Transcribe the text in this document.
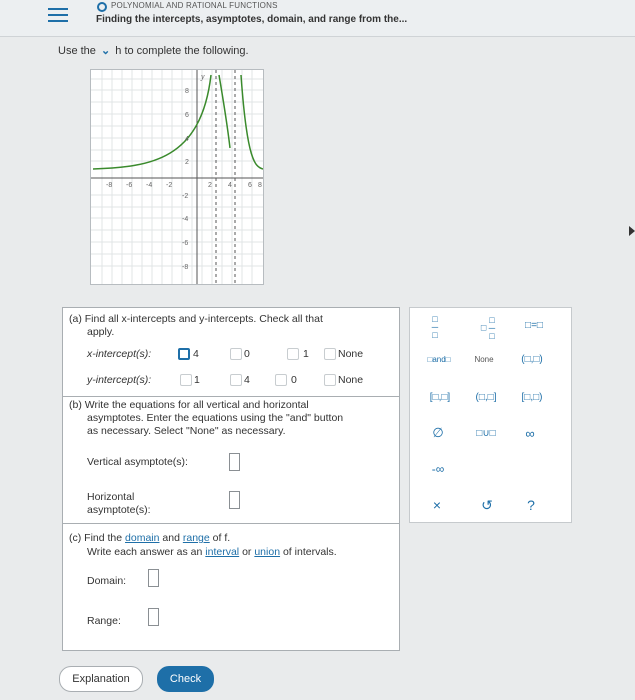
POLYNOMIAL AND RATIONAL FUNCTIONS
Finding the intercepts, asymptotes, domain, and range from the...
Use the ⌄ h to complete the following.
y
-8 -6 -4 -2	2 4 6 8
8
6
4
2
-2
-4
-6
-8
(a) Find all x-intercepts and y-intercepts. Check all that
apply.
x-intercept(s):	4	0	1	None
y-intercept(s):	1	4	0	None
(b) Write the equations for all vertical and horizontal
asymptotes. Enter the equations using the "and" button
as necessary. Select "None" as necessary.
Vertical asymptote(s):
Horizontal
asymptote(s):
(c) Find the domain and range of f.
Write each answer as an interval or union of intervals.
Domain:
Range:
□
─
□
□ □
─
□
□=□
□and□	None	(□,□)
[□,□]	(□,□]	[□,□)
∅	□∪□	∞
-∞
×	↺	?
Explanation	Check
